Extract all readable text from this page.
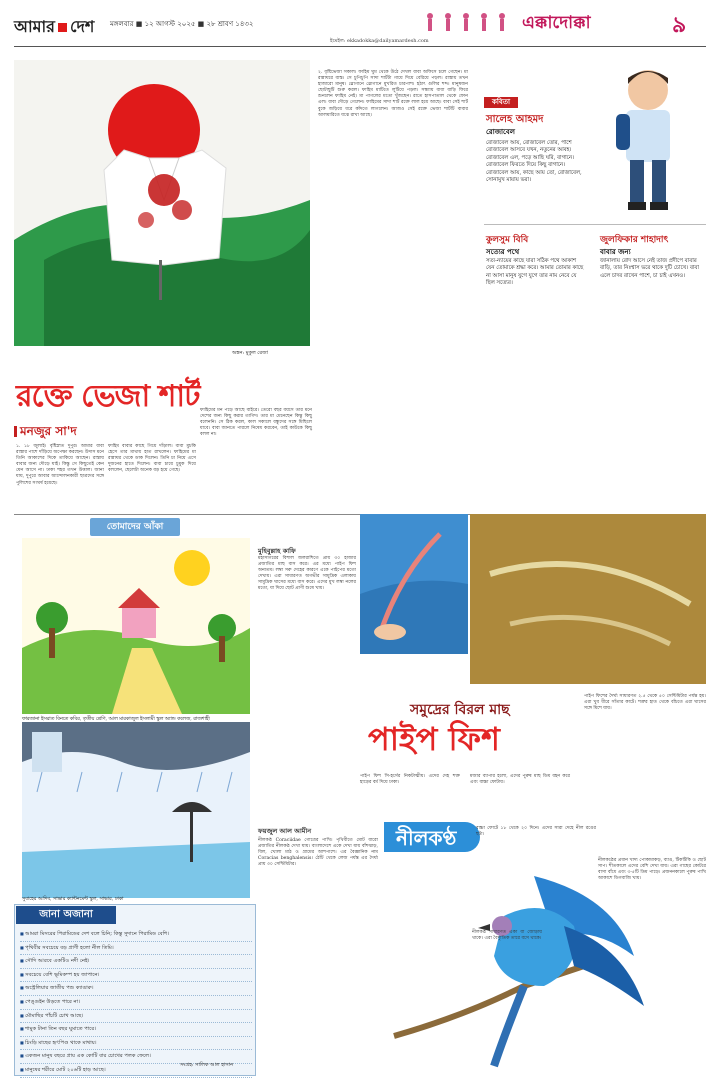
আমার দেশ মঙ্গলবার ■ ১২ আগস্ট ২০২৫ ■ ২৮ শ্রাবণ ১৪৩২
ইমেইল: ekkadokka@dailyamardesh.com
এক্কাদোক্কা	৯
অঙ্কন: মুকুল রেজা
রক্তে ভেজা শার্ট
মনজুর সা'দ
১. ১৮ জুলাই। বৃষ্টিস্নাত দুপুর। আমার বাবা রাস্তার পাশে দাঁড়িয়ে অপেক্ষা করছেন। উদাস মনে তিনি আকাশের দিকে তাকিয়ে আছেন। রাস্তায় বাবার জন্য দৌড়ে যাই। কিন্তু সে কিছুতেই কেন যেন আসে না। ঢাকা শহর তখন উত্তাল। জানা যায়, দুপুরে আবার আন্দোলনকারী ছাত্রদের সঙ্গে পুলিশের সংঘর্ষ হয়েছে।
ফাহিম বাবার কাছে গিয়ে দাঁড়াল। বাবা মুচকি হেসে তার মাথায় হাত রাখলেন। ফাহিমের মা রান্নাঘর থেকে ডাক দিলেন। তিনি চা নিয়ে এসে দুজনের হাতে দিলেন। বাবা চায়ে চুমুক দিয়ে বললেন, ছেলেটা অনেক বড় হয়ে গেছে।
ফাহিমের মন পড়ে আছে বাইরে। তেরো বছর বয়সে তার মনে দেশের জন্য কিছু করার তাগিদ। তার মা মেনেছেন কিন্তু কিছু বলেননি। সে ঠিক করল, কাল সকালে বন্ধুদের সঙ্গে মিছিলে যাবে। বাবা জানতে পারলে নিষেধ করবেন, তাই কাউকে কিছু বলল না।
২. বৃষ্টিভেজা সকাল। ফাহিম ঘুম থেকে উঠে দেখল বাবা অফিসে চলে গেছেন। মা রান্নাঘরে ব্যস্ত। সে চুপিচুপি সাদা শার্টটা গায়ে দিয়ে বেরিয়ে পড়ল। রাস্তায় তখন হাজারো মানুষ। স্লোগানে স্লোগানে মুখরিত চারপাশ। হঠাৎ গুলির শব্দ। মানুষজন ছোটাছুটি শুরু করল। ফাহিম মাটিতে লুটিয়ে পড়ল। সন্ধ্যায় বাবা বাড়ি ফিরে শুনলেন ফাহিম নেই। মা পাগলের মতো খুঁজছেন। রাতে হাসপাতাল থেকে ফোন এল। বাবা দৌড়ে গেলেন। ফাহিমের সাদা শার্ট রক্তে লাল হয়ে আছে। বাবা সেই শার্ট বুকে জড়িয়ে ধরে কাঁদতে লাগলেন। আজও সেই রক্তে ভেজা শার্টটি বাবার আলমারিতে যত্নে রাখা আছে।
কবিতা
সালেহ আহমদ
রোজাবেল
রোজাবেল আয়, রোজাবেল তোর, পাশে রোজাবেল আসবে যখন, নতুনের আবহ। রোজাবেল এল, পড়ে আছি ঘরি, বাগানে। রোজাবেল ফিরতে দিয়ে কিছু বাগানে। রোজাবেল আয়, কাছে আয় তো, রোজাবেল, সোনামুখ মায়ায় ভরা।
কুলসুম বিবি
সত্যের পথে
সত্য-ন্যায়ের কাছে যারা সঠিক পথে আকাশ যেন তোমাকে শ্রদ্ধা করে। আমার তোমার কাছে না আসা মানুষ যুগে যুগে তার নাম নেবে যে ছিল সত্যের।
জুলফিকার শাহাদাৎ
বাবার জন্য
জানালায় রোদ আসে নেই তাজ প্রদীপে বাবার বাড়ি, তার নিঃশ্বাস ভরে থাকে দুটি চোখে। বাবা এলে চাদর রাখেন পাশে, চা চাই এখনও।
তোমাদের আঁকা
ফারজানা ইসরাত বিনতে কবির, তৃতীয় শ্রেণি, আল মারকাজুল ইসলামী স্কুল অ্যান্ড কলেজ, রাজশাহী
সুবাহের আদিব, সাভার ক্যান্টনমেন্ট স্কুল, সাভার, ঢাকা
জানা অজানা
■ আমরা মিসরের পিরামিডের দেশ বলে চিনি; কিন্তু সুদানে পিরামিড বেশি।
■ পৃথিবীর সবচেয়ে বড় প্রাণী হলো নীল তিমি।
■ সৌদি আরবে একটিও নদী নেই।
■ সবচেয়ে বেশি ভূমিকম্প হয় জাপানে।
■ অস্ট্রেলিয়ার জাতীয় পশু ক্যাঙারু।
■ পেঙ্গুইন উড়তে পারে না।
■ মৌমাছির পাঁচটি চোখ আছে।
■ শামুক টানা তিন বছর ঘুমাতে পারে।
■ চিংড়ি মাছের হৃৎপিণ্ড থাকে মাথায়।
■ একজন মানুষ বছরে প্রায় এক কোটি বার চোখের পলক ফেলে।
■ মানুষের শরীরে মোট ২০৬টি হাড় আছে।
সংগ্রহ: সালিক আল হাসান
মুহিবুল্লাহ কাফি
মহাসাগরের বিশাল জলরাশিতে প্রায় ৩০ হাজার প্রজাতির মাছ বাস করে। এর মধ্যে পাইপ ফিশ অন্যতম। লম্বা সরু দেহের কারণে একে পাইপের মতো দেখায়। এরা সাধারণত অগভীর সামুদ্রিক এলাকায় সামুদ্রিক ঘাসের মধ্যে বাস করে। এদের মুখ লম্বা নলের মতো, যা দিয়ে ছোট প্রাণী শুষে খায়।
সমুদ্রের বিরল মাছ
পাইপ ফিশ
পাইপ ফিশ সি-হর্সের নিকটাত্মীয়। এদের দেহ শক্ত হাড়ের বর্ম দিয়ে ঢাকা।
মজার ব্যাপার হলো, এদের পুরুষ মাছ ডিম বহন করে এবং বাচ্চা ফোটায়।
পাইপ ফিশের দৈর্ঘ্য সাধারণত ২.৫ থেকে ৫০ সেন্টিমিটার পর্যন্ত হয়। এরা খুব ধীরে সাঁতার কাটে। শত্রুর হাত থেকে বাঁচতে এরা ঘাসের সঙ্গে মিশে যায়।
ফয়জুল আল আমীন
নীলকণ্ঠ Coraciidae গোত্রের পাখি। পৃথিবীতে মোট বারো প্রজাতির নীলকণ্ঠ দেখা যায়। বাংলাদেশে একে দেখা যায় বাঁশঝাড়, বিল, খোলা মাঠ ও গ্রামের আশপাশে। এর বৈজ্ঞানিক নাম Coracias benghalensis। ঠোঁট থেকে লেজ পর্যন্ত এর দৈর্ঘ্য প্রায় ৩০ সেন্টিমিটার।
নীলকণ্ঠ
নীলকণ্ঠ সাধারণত একা বা জোড়ায় থাকে। এরা বৈদ্যুতিক তারে বসে থাকে।
নীলকণ্ঠের প্রধান খাদ্য পোকামাকড়, ব্যাঙ, টিকটিকি ও ছোট সাপ। শীতকালে এদের বেশি দেখা যায়। এরা গাছের কোটরে বাসা বাঁধে এবং ৩-৫টি ডিম পাড়ে। প্রজননকালে পুরুষ পাখি আকাশে ডিগবাজি খায়।
বাচ্চা ফোটে ১৮ থেকে ২০ দিনে। এদের সারা দেহে নীল রঙের ছটা।
